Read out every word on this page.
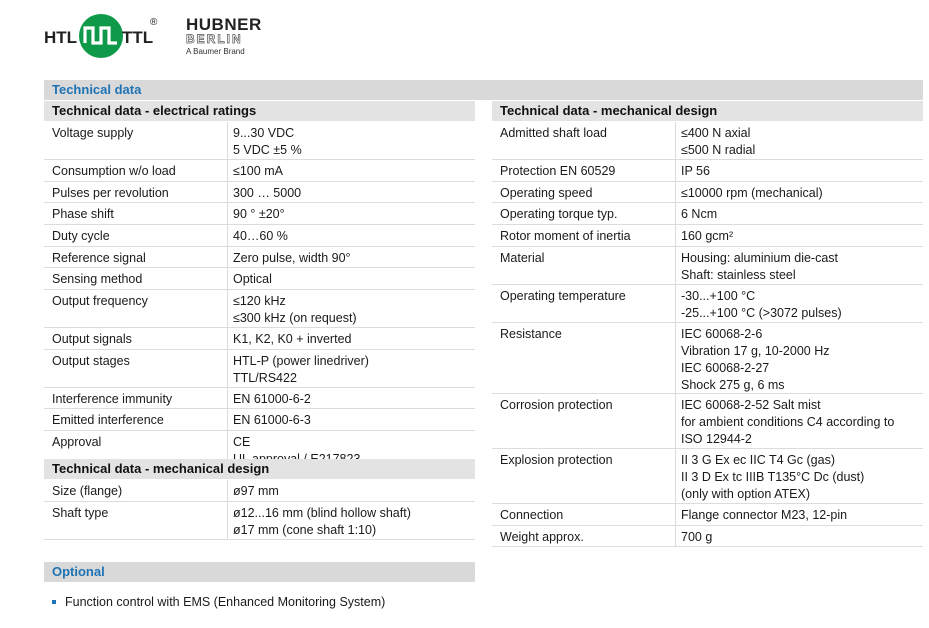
HTL	TTL
® HUBNER
BERLIN
A Baumer Brand
Technical data
Technical data - electrical ratings
Voltage supply	9...30 VDC
5 VDC ±5 %
Consumption w/o load	≤100 mA
Pulses per revolution	300 … 5000
Phase shift	90 ° ±20°
Duty cycle	40…60 %
Reference signal	Zero pulse, width 90°
Sensing method	Optical
Output frequency	≤120 kHz
≤300 kHz (on request)
Output signals	K1, K2, K0 + inverted
Output stages	HTL-P (power linedriver)
TTL/RS422
Interference immunity	EN 61000-6-2
Emitted interference	EN 61000-6-3
Approval	CE
Technical data - mechanical design
Size (flange)	ø97 mm
Shaft type	ø12...16 mm (blind hollow shaft)
ø17 mm (cone shaft 1:10)
Technical data - mechanical design
Admitted shaft load	≤400 N axial
≤500 N radial
Protection EN 60529	IP 56
Operating speed	≤10000 rpm (mechanical)
Operating torque typ.	6 Ncm
Rotor moment of inertia	160 gcm²
Material	Housing: aluminium die-cast
Shaft: stainless steel
Operating temperature	-30...+100 °C
-25...+100 °C (>3072 pulses)
Resistance	IEC 60068-2-6
Vibration 17 g, 10-2000 Hz
IEC 60068-2-27
Shock 275 g, 6 ms
Corrosion protection	IEC 60068-2-52 Salt mist
for ambient conditions C4 according to
ISO 12944-2
Explosion protection	II 3 G Ex ec IIC T4 Gc (gas)
II 3 D Ex tc IIIB T135°C Dc (dust)
(only with option ATEX)
Connection	Flange connector M23, 12-pin
Weight approx.	700 g
Optional
Function control with EMS (Enhanced Monitoring System)
